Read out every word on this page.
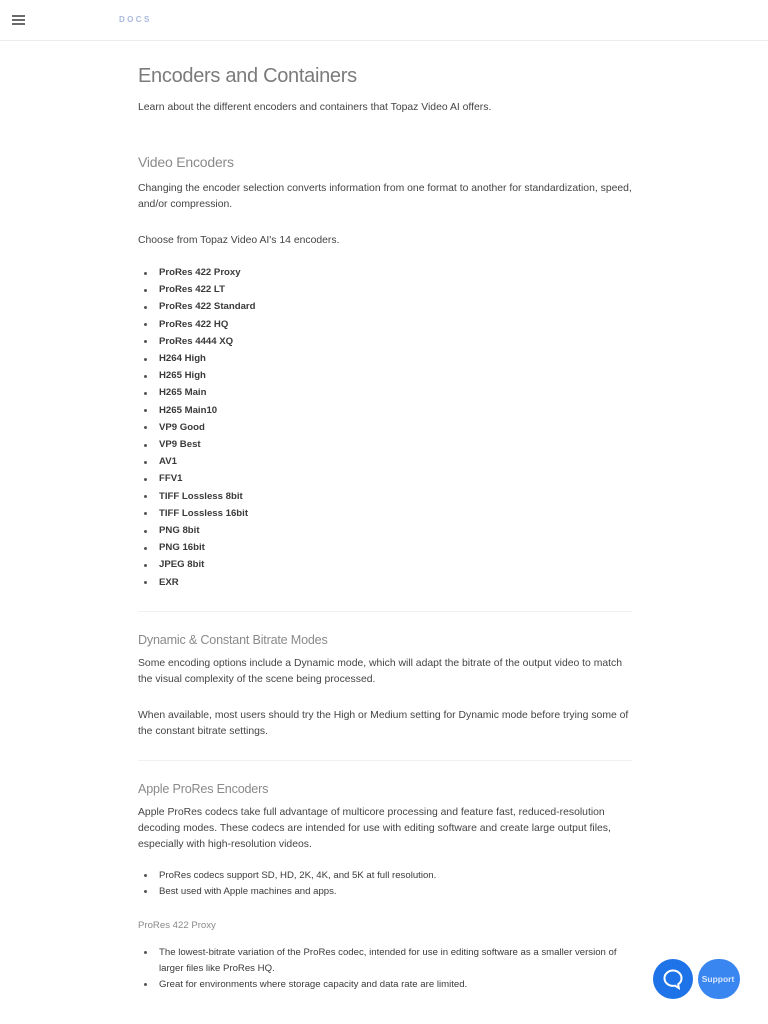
DOCS
Encoders and Containers

Learn about the different encoders and containers that Topaz Video AI offers.

Video Encoders

Changing the encoder selection converts information from one format to another for standardization, speed, and/or compression.

Choose from Topaz Video AI's 14 encoders.

ProRes 422 Proxy
ProRes 422 LT
ProRes 422 Standard
ProRes 422 HQ
ProRes 4444 XQ
H264 High
H265 High
H265 Main
H265 Main10
VP9 Good
VP9 Best
AV1
FFV1
TIFF Lossless 8bit
TIFF Lossless 16bit
PNG 8bit
PNG 16bit
JPEG 8bit
EXR
Dynamic & Constant Bitrate Modes

Some encoding options include a Dynamic mode, which will adapt the bitrate of the output video to match the visual complexity of the scene being processed.

When available, most users should try the High or Medium setting for Dynamic mode before trying some of the constant bitrate settings.

Apple ProRes Encoders

Apple ProRes codecs take full advantage of multicore processing and feature fast, reduced-resolution decoding modes. These codecs are intended for use with editing software and create large output files, especially with high-resolution videos.

ProRes codecs support SD, HD, 2K, 4K, and 5K at full resolution.
Best used with Apple machines and apps.
ProRes 422 Proxy
The lowest-bitrate variation of the ProRes codec, intended for use in editing software as a smaller version of larger files like ProRes HQ.
Great for environments where storage capacity and data rate are limited.	Support
